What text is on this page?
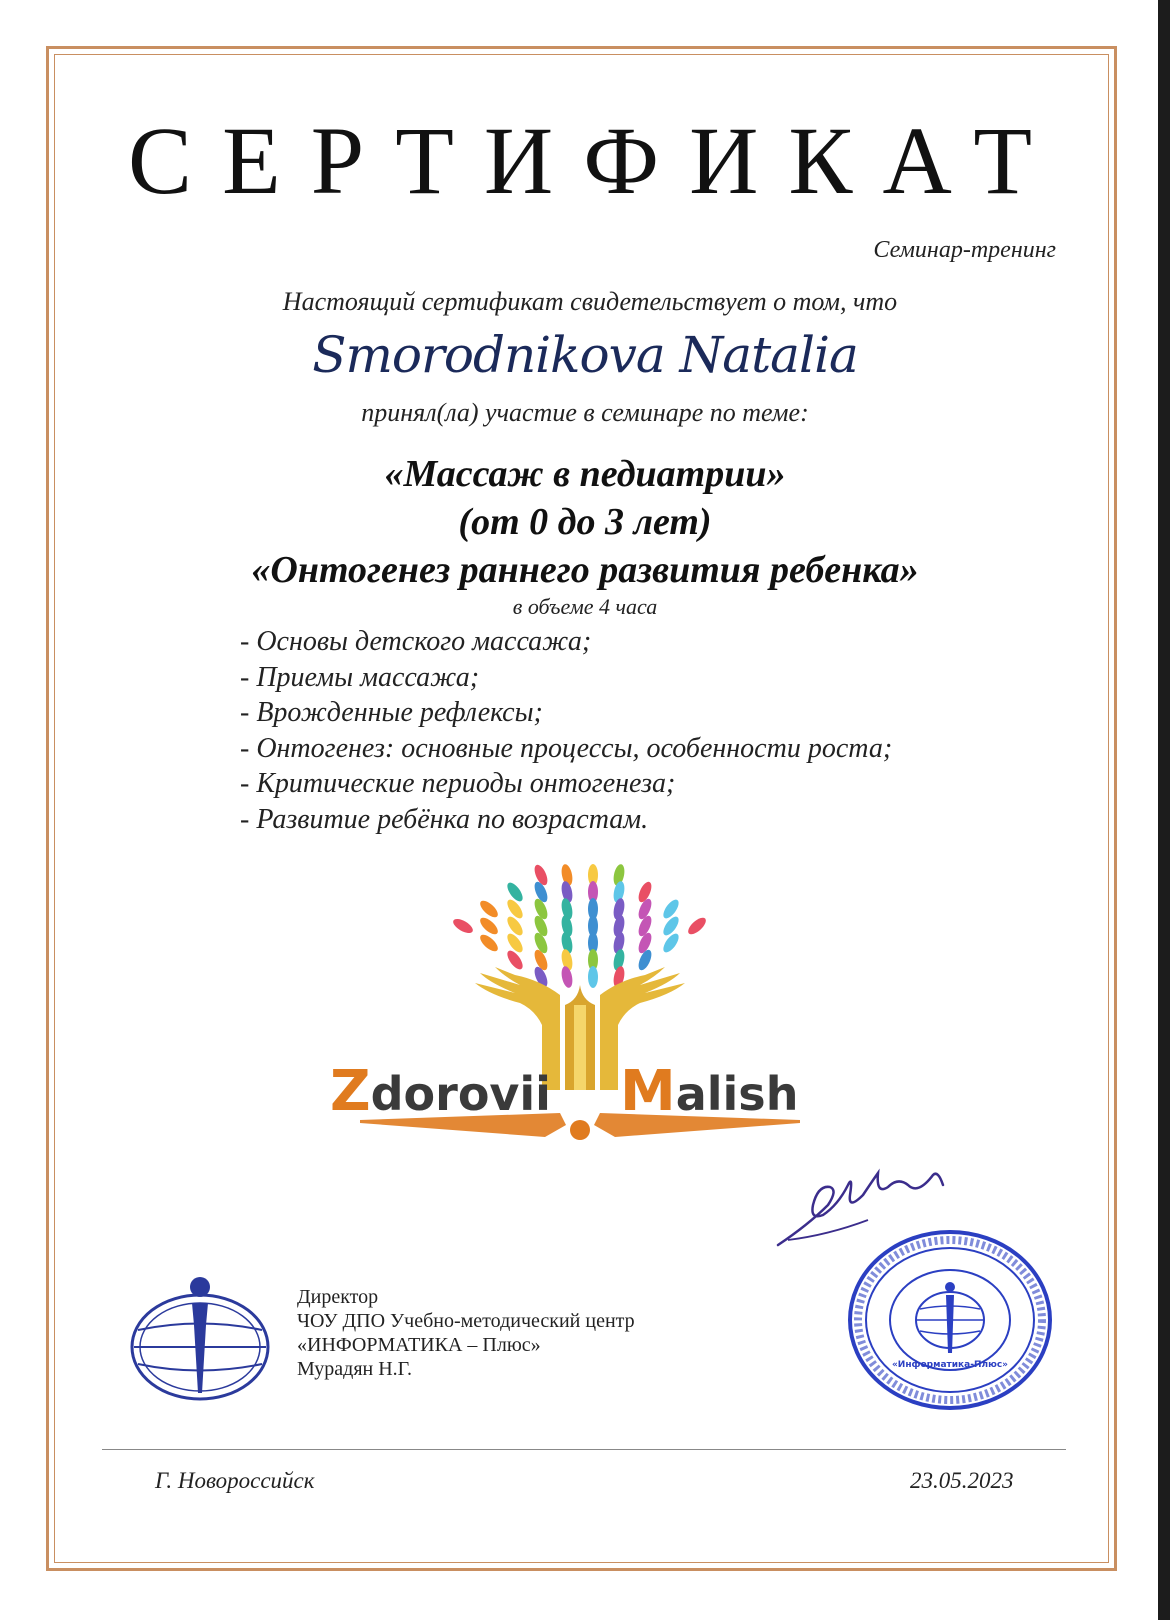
СЕРТИФИКАТ
Семинар-тренинг
Настоящий сертификат свидетельствует о том, что
Smorodnikova Natalia
принял(ла) участие в семинаре по теме:
«Массаж в педиатрии»
(от 0 до 3 лет)
«Онтогенез раннего развития ребенка»
в объеме 4 часа
- Основы детского массажа;
- Приемы массажа;
- Врожденные рефлексы;
- Онтогенез: основные процессы, особенности роста;
- Критические периоды онтогенеза;
- Развитие ребёнка по возрастам.
Zdorovii Malish
Директор
ЧОУ ДПО Учебно-методический центр
«ИНФОРМАТИКА – Плюс»
Мурадян Н.Г.	«Информатика-Плюс»
Г. Новороссийск	23.05.2023
